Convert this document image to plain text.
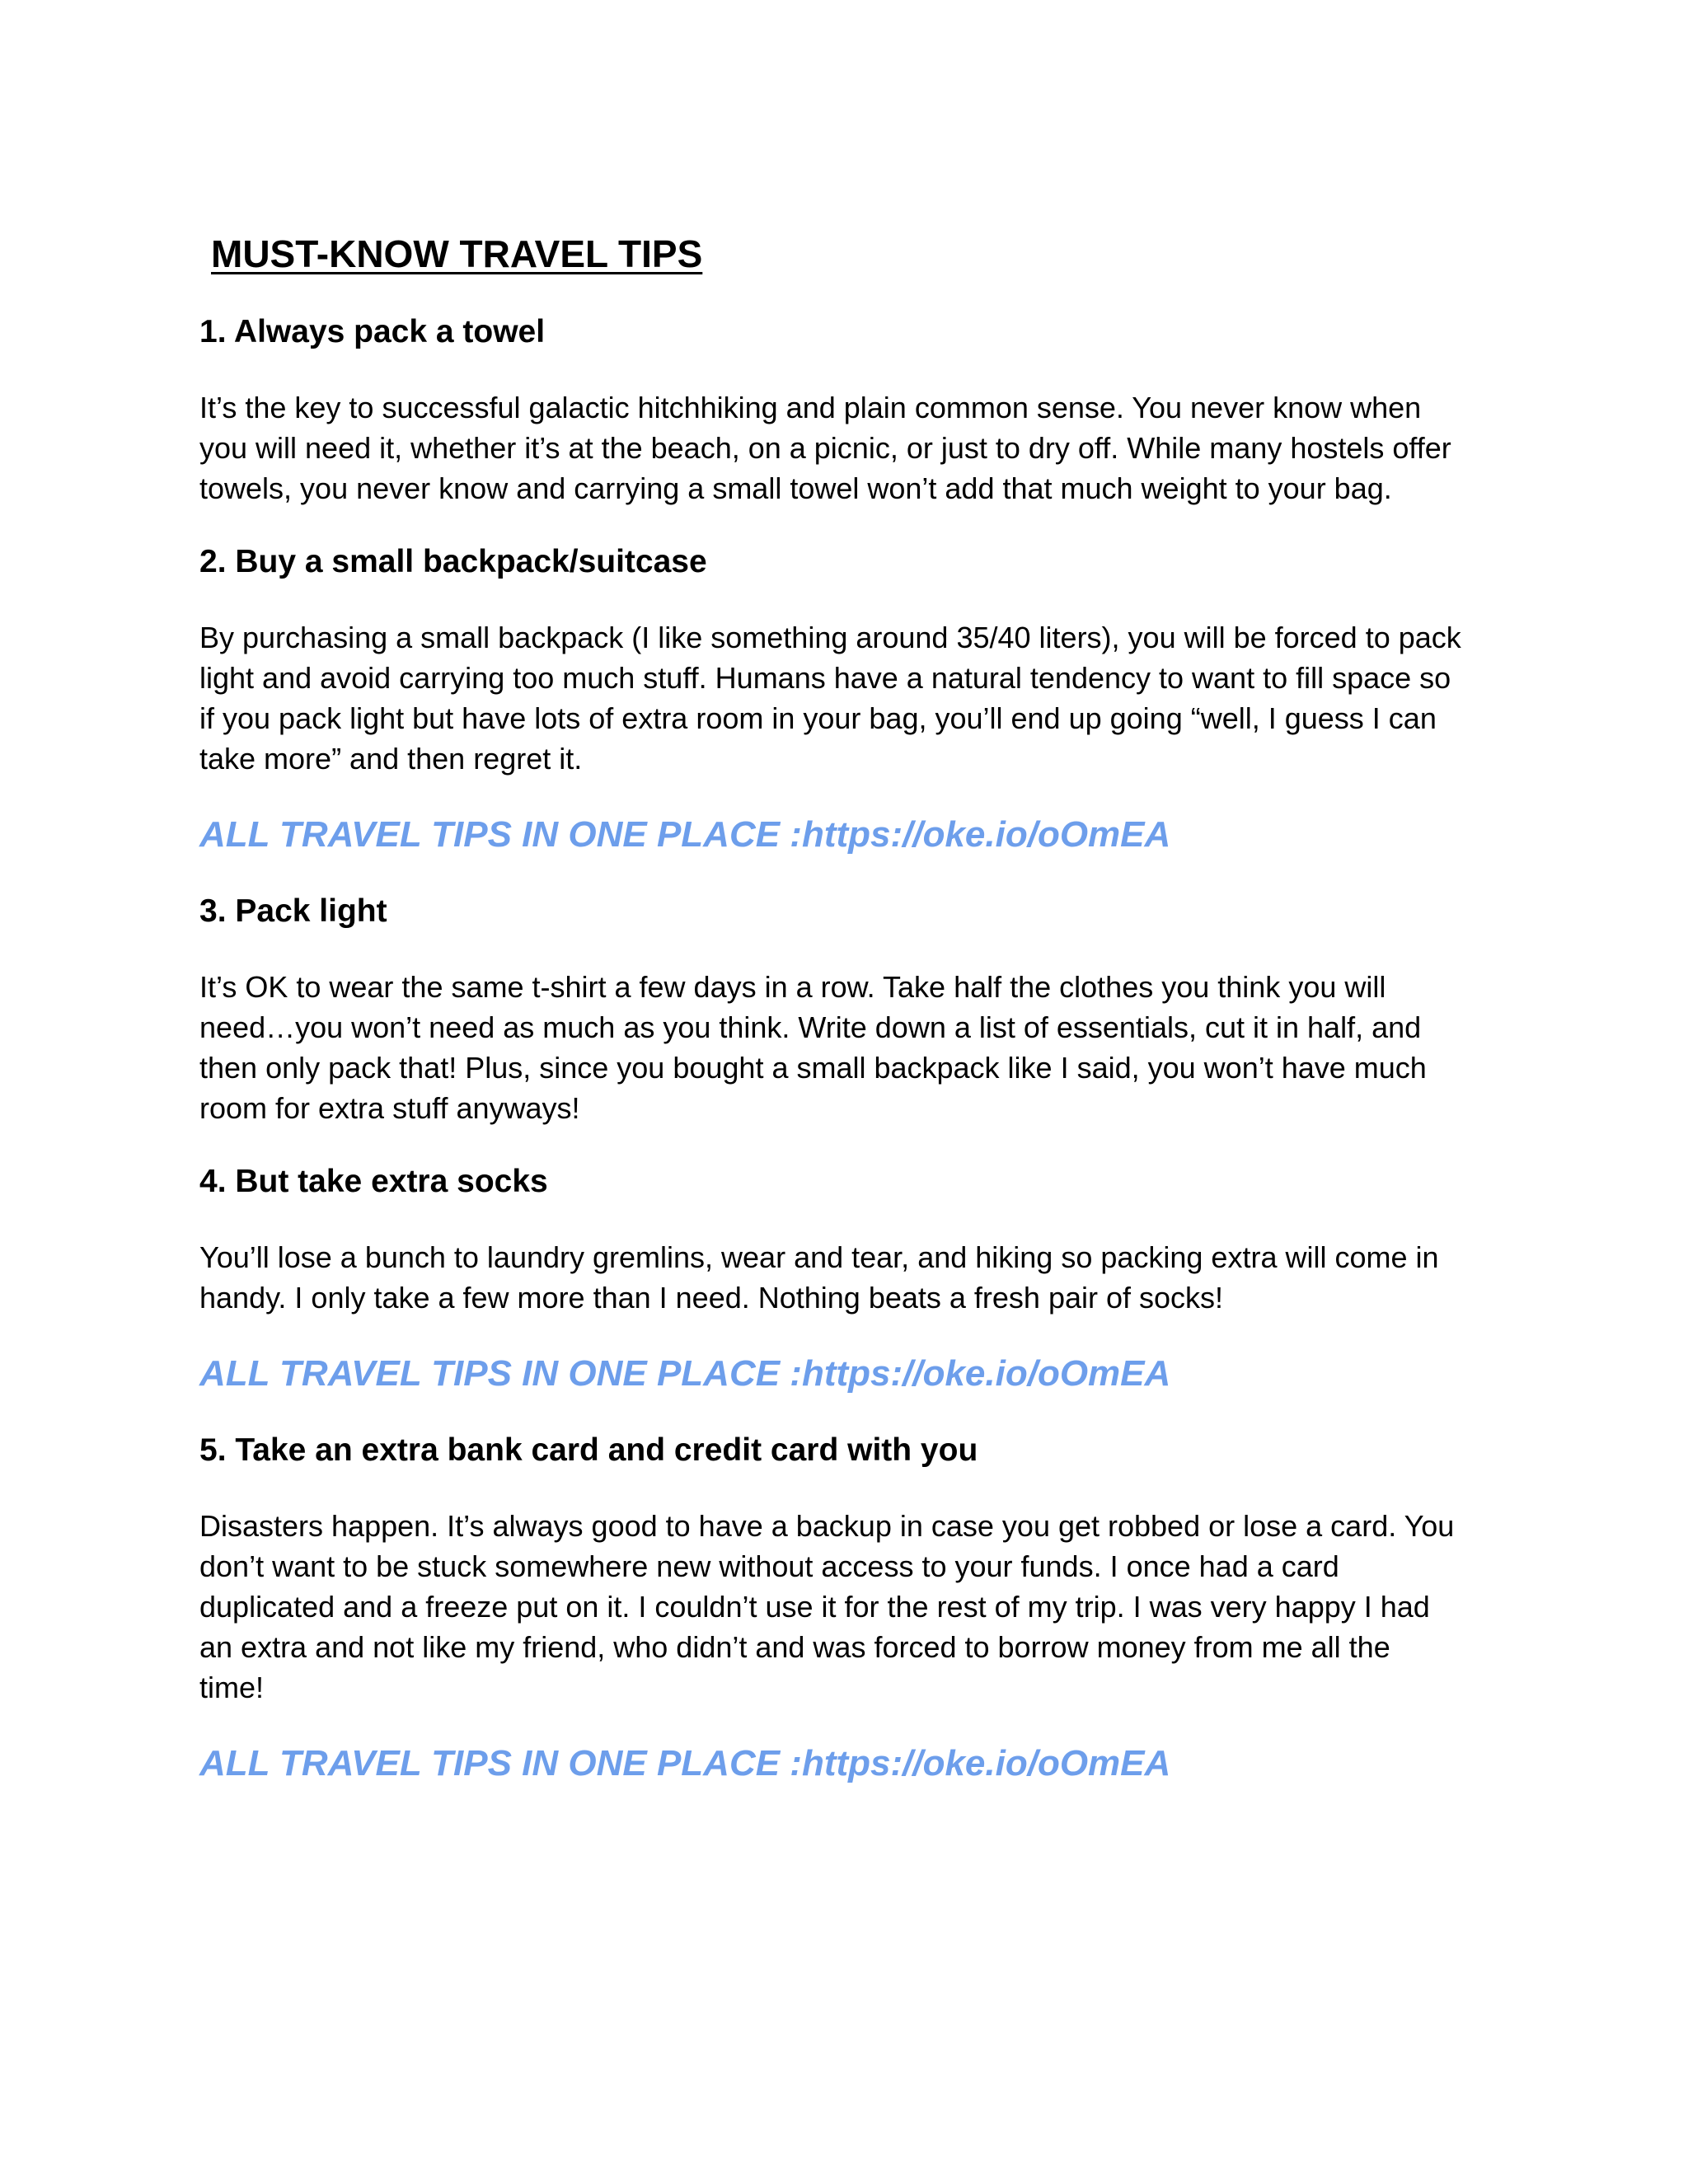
MUST-KNOW TRAVEL TIPS
1. Always pack a towel
It’s the key to successful galactic hitchhiking and plain common sense. You never know when
you will need it, whether it’s at the beach, on a picnic, or just to dry off. While many hostels offer
towels, you never know and carrying a small towel won’t add that much weight to your bag.
2. Buy a small backpack/suitcase
By purchasing a small backpack (I like something around 35/40 liters), you will be forced to pack
light and avoid carrying too much stuff. Humans have a natural tendency to want to fill space so
if you pack light but have lots of extra room in your bag, you’ll end up going “well, I guess I can
take more” and then regret it.
ALL TRAVEL TIPS IN ONE PLACE :https://oke.io/oOmEA
3. Pack light
It’s OK to wear the same t-shirt a few days in a row. Take half the clothes you think you will
need…you won’t need as much as you think. Write down a list of essentials, cut it in half, and
then only pack that! Plus, since you bought a small backpack like I said, you won’t have much
room for extra stuff anyways!
4. But take extra socks
You’ll lose a bunch to laundry gremlins, wear and tear, and hiking so packing extra will come in
handy. I only take a few more than I need. Nothing beats a fresh pair of socks!
ALL TRAVEL TIPS IN ONE PLACE :https://oke.io/oOmEA
5. Take an extra bank card and credit card with you
Disasters happen. It’s always good to have a backup in case you get robbed or lose a card. You
don’t want to be stuck somewhere new without access to your funds. I once had a card
duplicated and a freeze put on it. I couldn’t use it for the rest of my trip. I was very happy I had
an extra and not like my friend, who didn’t and was forced to borrow money from me all the
time!
ALL TRAVEL TIPS IN ONE PLACE :https://oke.io/oOmEA
